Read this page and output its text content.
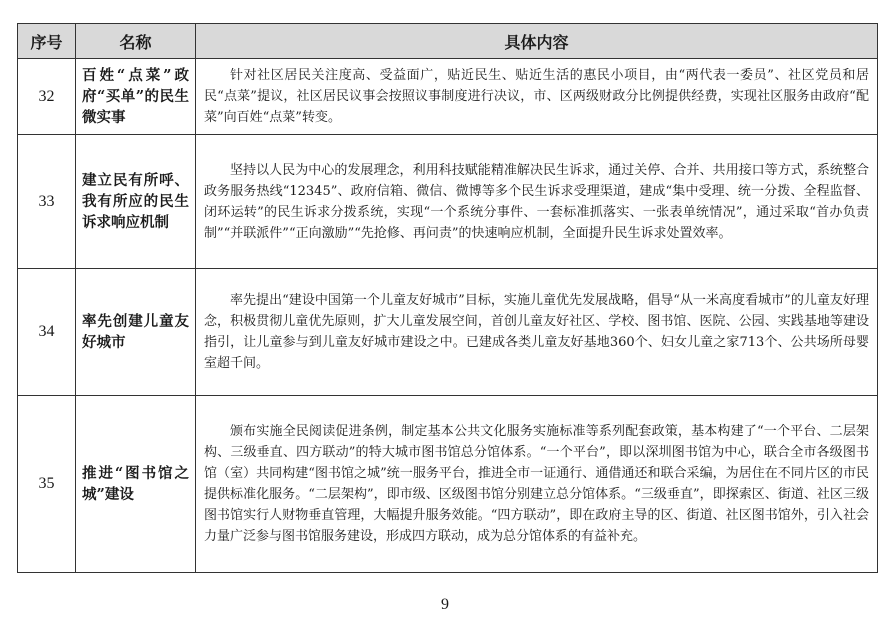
序号	名称	具体内容
32	百姓“点菜”政府“买单”的民生微实事	针对社区居民关注度高、受益面广，贴近民生、贴近生活的惠民小项目，由“两代表一委员”、社区党员和居民“点菜”提议，社区居民议事会按照议事制度进行决议，市、区两级财政分比例提供经费，实现社区服务由政府“配菜”向百姓“点菜”转变。
33	建立民有所呼、我有所应的民生诉求响应机制	坚持以人民为中心的发展理念，利用科技赋能精准解决民生诉求，通过关停、合并、共用接口等方式，系统整合政务服务热线“12345”、政府信箱、微信、微博等多个民生诉求受理渠道，建成“集中受理、统一分拨、全程监督、闭环运转”的民生诉求分拨系统，实现“一个系统分事件、一套标准抓落实、一张表单统情况”，通过采取“首办负责制”“并联派件”“正向激励”“先抢修、再问责”的快速响应机制，全面提升民生诉求处置效率。
34	率先创建儿童友好城市	率先提出“建设中国第一个儿童友好城市”目标，实施儿童优先发展战略，倡导“从一米高度看城市”的儿童友好理念，积极贯彻儿童优先原则，扩大儿童发展空间，首创儿童友好社区、学校、图书馆、医院、公园、实践基地等建设指引，让儿童参与到儿童友好城市建设之中。已建成各类儿童友好基地360个、妇女儿童之家713个、公共场所母婴室超千间。
35	推进“图书馆之城”建设	颁布实施全民阅读促进条例，制定基本公共文化服务实施标准等系列配套政策，基本构建了“一个平台、二层架构、三级垂直、四方联动”的特大城市图书馆总分馆体系。“一个平台”，即以深圳图书馆为中心，联合全市各级图书馆（室）共同构建“图书馆之城”统一服务平台，推进全市一证通行、通借通还和联合采编，为居住在不同片区的市民提供标准化服务。“二层架构”，即市级、区级图书馆分别建立总分馆体系。“三级垂直”，即探索区、街道、社区三级图书馆实行人财物垂直管理，大幅提升服务效能。“四方联动”，即在政府主导的区、街道、社区图书馆外，引入社会力量广泛参与图书馆服务建设，形成四方联动，成为总分馆体系的有益补充。
9
